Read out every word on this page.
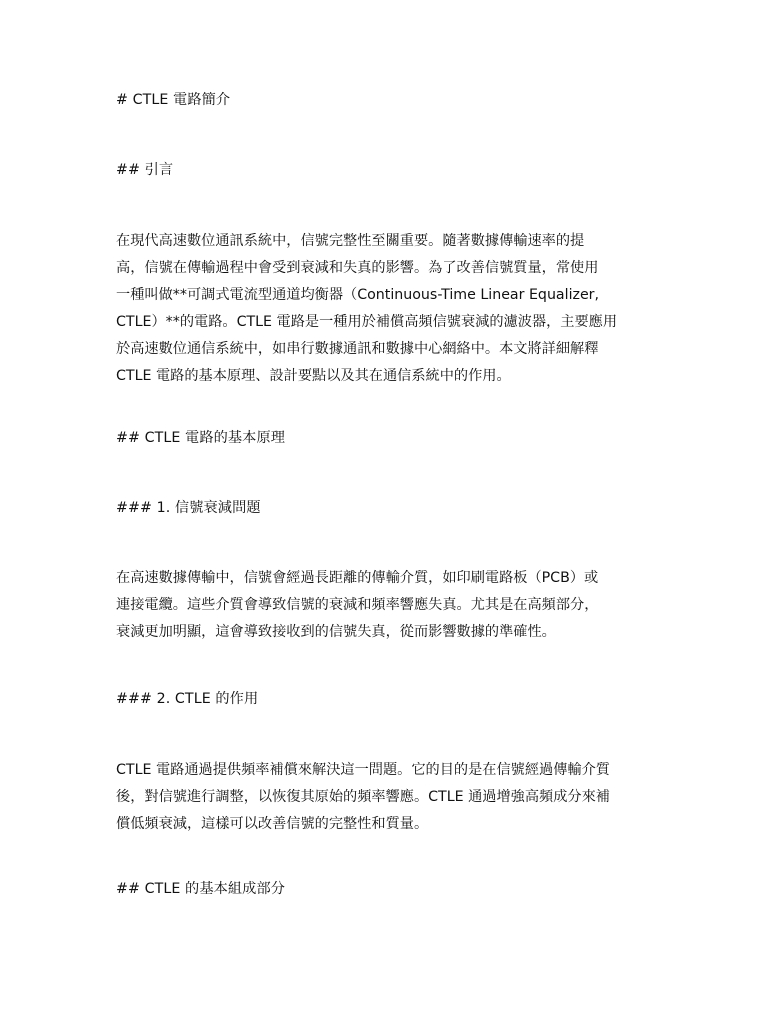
# CTLE 電路簡介
## 引言
在現代高速數位通訊系統中，信號完整性至關重要。隨著數據傳輸速率的提
高，信號在傳輸過程中會受到衰減和失真的影響。為了改善信號質量，常使用
一種叫做**可調式電流型通道均衡器（Continuous-Time Linear Equalizer,
CTLE）**的電路。CTLE 電路是一種用於補償高頻信號衰減的濾波器，主要應用
於高速數位通信系統中，如串行數據通訊和數據中心網絡中。本文將詳細解釋
CTLE 電路的基本原理、設計要點以及其在通信系統中的作用。
## CTLE 電路的基本原理
### 1. 信號衰減問題
在高速數據傳輸中，信號會經過長距離的傳輸介質，如印刷電路板（PCB）或
連接電纜。這些介質會導致信號的衰減和頻率響應失真。尤其是在高頻部分，
衰減更加明顯，這會導致接收到的信號失真，從而影響數據的準確性。
### 2. CTLE 的作用
CTLE 電路通過提供頻率補償來解決這一問題。它的目的是在信號經過傳輸介質
後，對信號進行調整，以恢復其原始的頻率響應。CTLE 通過增強高頻成分來補
償低頻衰減，這樣可以改善信號的完整性和質量。
## CTLE 的基本組成部分
